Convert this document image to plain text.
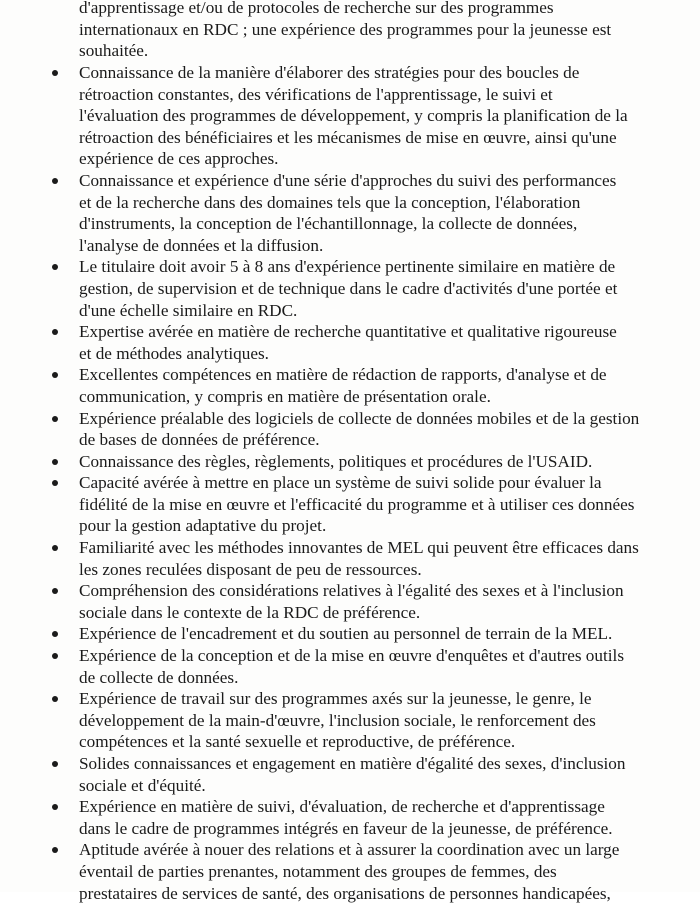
d'apprentissage et/ou de protocoles de recherche sur des programmes
internationaux en RDC ; une expérience des programmes pour la jeunesse est
souhaitée.
Connaissance de la manière d'élaborer des stratégies pour des boucles de
rétroaction constantes, des vérifications de l'apprentissage, le suivi et
l'évaluation des programmes de développement, y compris la planification de la
rétroaction des bénéficiaires et les mécanismes de mise en œuvre, ainsi qu'une
expérience de ces approches.
Connaissance et expérience d'une série d'approches du suivi des performances
et de la recherche dans des domaines tels que la conception, l'élaboration
d'instruments, la conception de l'échantillonnage, la collecte de données,
l'analyse de données et la diffusion.
Le titulaire doit avoir 5 à 8 ans d'expérience pertinente similaire en matière de
gestion, de supervision et de technique dans le cadre d'activités d'une portée et
d'une échelle similaire en RDC.
Expertise avérée en matière de recherche quantitative et qualitative rigoureuse
et de méthodes analytiques.
Excellentes compétences en matière de rédaction de rapports, d'analyse et de
communication, y compris en matière de présentation orale.
Expérience préalable des logiciels de collecte de données mobiles et de la gestion
de bases de données de préférence.
Connaissance des règles, règlements, politiques et procédures de l'USAID.
Capacité avérée à mettre en place un système de suivi solide pour évaluer la
fidélité de la mise en œuvre et l'efficacité du programme et à utiliser ces données
pour la gestion adaptative du projet.
Familiarité avec les méthodes innovantes de MEL qui peuvent être efficaces dans
les zones reculées disposant de peu de ressources.
Compréhension des considérations relatives à l'égalité des sexes et à l'inclusion
sociale dans le contexte de la RDC de préférence.
Expérience de l'encadrement et du soutien au personnel de terrain de la MEL.
Expérience de la conception et de la mise en œuvre d'enquêtes et d'autres outils
de collecte de données.
Expérience de travail sur des programmes axés sur la jeunesse, le genre, le
développement de la main-d'œuvre, l'inclusion sociale, le renforcement des
compétences et la santé sexuelle et reproductive, de préférence.
Solides connaissances et engagement en matière d'égalité des sexes, d'inclusion
sociale et d'équité.
Expérience en matière de suivi, d'évaluation, de recherche et d'apprentissage
dans le cadre de programmes intégrés en faveur de la jeunesse, de préférence.
Aptitude avérée à nouer des relations et à assurer la coordination avec un large
éventail de parties prenantes, notamment des groupes de femmes, des
prestataires de services de santé, des organisations de personnes handicapées,
